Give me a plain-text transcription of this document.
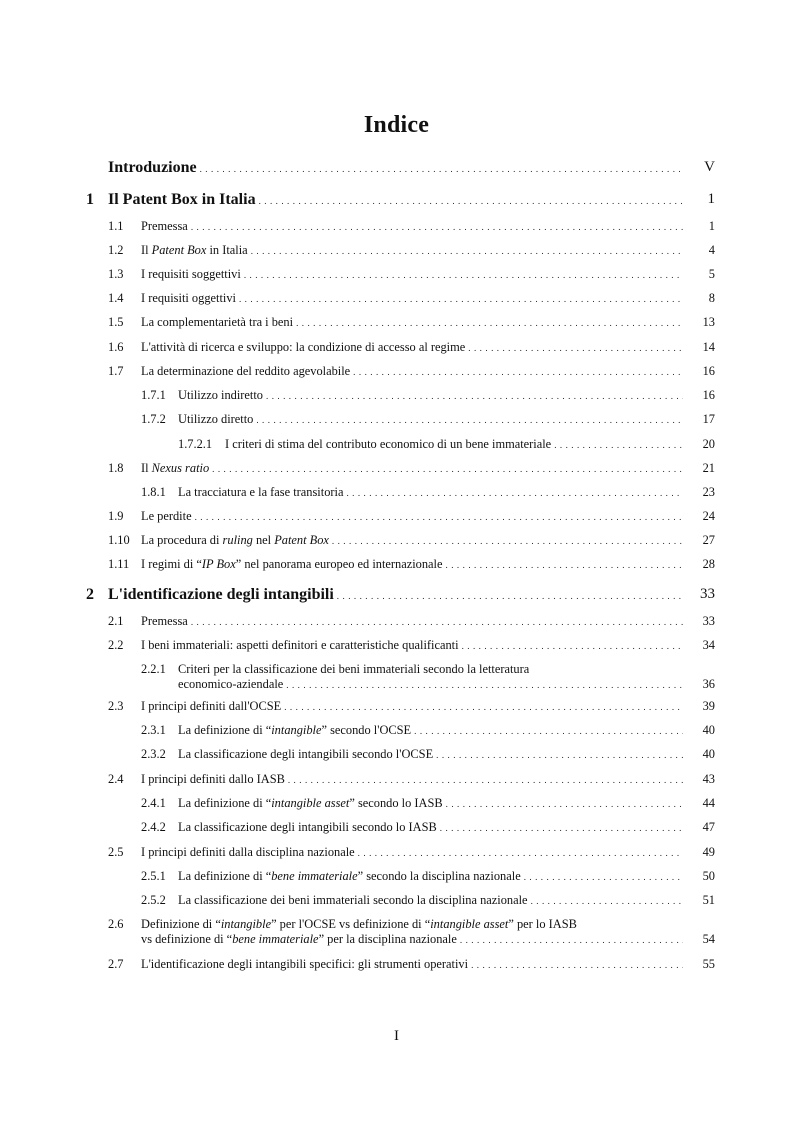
Indice
Introduzione . . .	V
1 Il Patent Box in Italia . . .	1
1.1 Premessa . . .	1
1.2 Il Patent Box in Italia . . .	4
1.3 I requisiti soggettivi . . .	5
1.4 I requisiti oggettivi . . .	8
1.5 La complementarietà tra i beni . . .	13
1.6 L'attività di ricerca e sviluppo: la condizione di accesso al regime . . .	14
1.7 La determinazione del reddito agevolabile . . .	16
1.7.1 Utilizzo indiretto . . .	16
1.7.2 Utilizzo diretto . . .	17
1.7.2.1 I criteri di stima del contributo economico di un bene immateriale . . .	20
1.8 Il Nexus ratio . . .	21
1.8.1 La tracciatura e la fase transitoria . . .	23
1.9 Le perdite . . .	24
1.10 La procedura di ruling nel Patent Box . . .	27
1.11 I regimi di “IP Box” nel panorama europeo ed internazionale . . .	28
2 L'identificazione degli intangibili . . .	33
2.1 Premessa . . .	33
2.2 I beni immateriali: aspetti definitori e caratteristiche qualificanti . . .	34
2.2.1 Criteri per la classificazione dei beni immateriali secondo la letteratura
economico-aziendale . . .	36
2.3 I principi definiti dall'OCSE . . .	39
2.3.1 La definizione di “intangible” secondo l'OCSE . . .	40
2.3.2 La classificazione degli intangibili secondo l'OCSE . . .	40
2.4 I principi definiti dallo IASB . . .	43
2.4.1 La definizione di “intangible asset” secondo lo IASB . . .	44
2.4.2 La classificazione degli intangibili secondo lo IASB . . .	47
2.5 I principi definiti dalla disciplina nazionale . . .	49
2.5.1 La definizione di “bene immateriale” secondo la disciplina nazionale . . .	50
2.5.2 La classificazione dei beni immateriali secondo la disciplina nazionale . . .	51
2.6 Definizione di “intangible” per l'OCSE vs definizione di “intangible asset” per lo IASB
vs definizione di “bene immateriale” per la disciplina nazionale . . .	54
2.7 L'identificazione degli intangibili specifici: gli strumenti operativi . . .	55
I
